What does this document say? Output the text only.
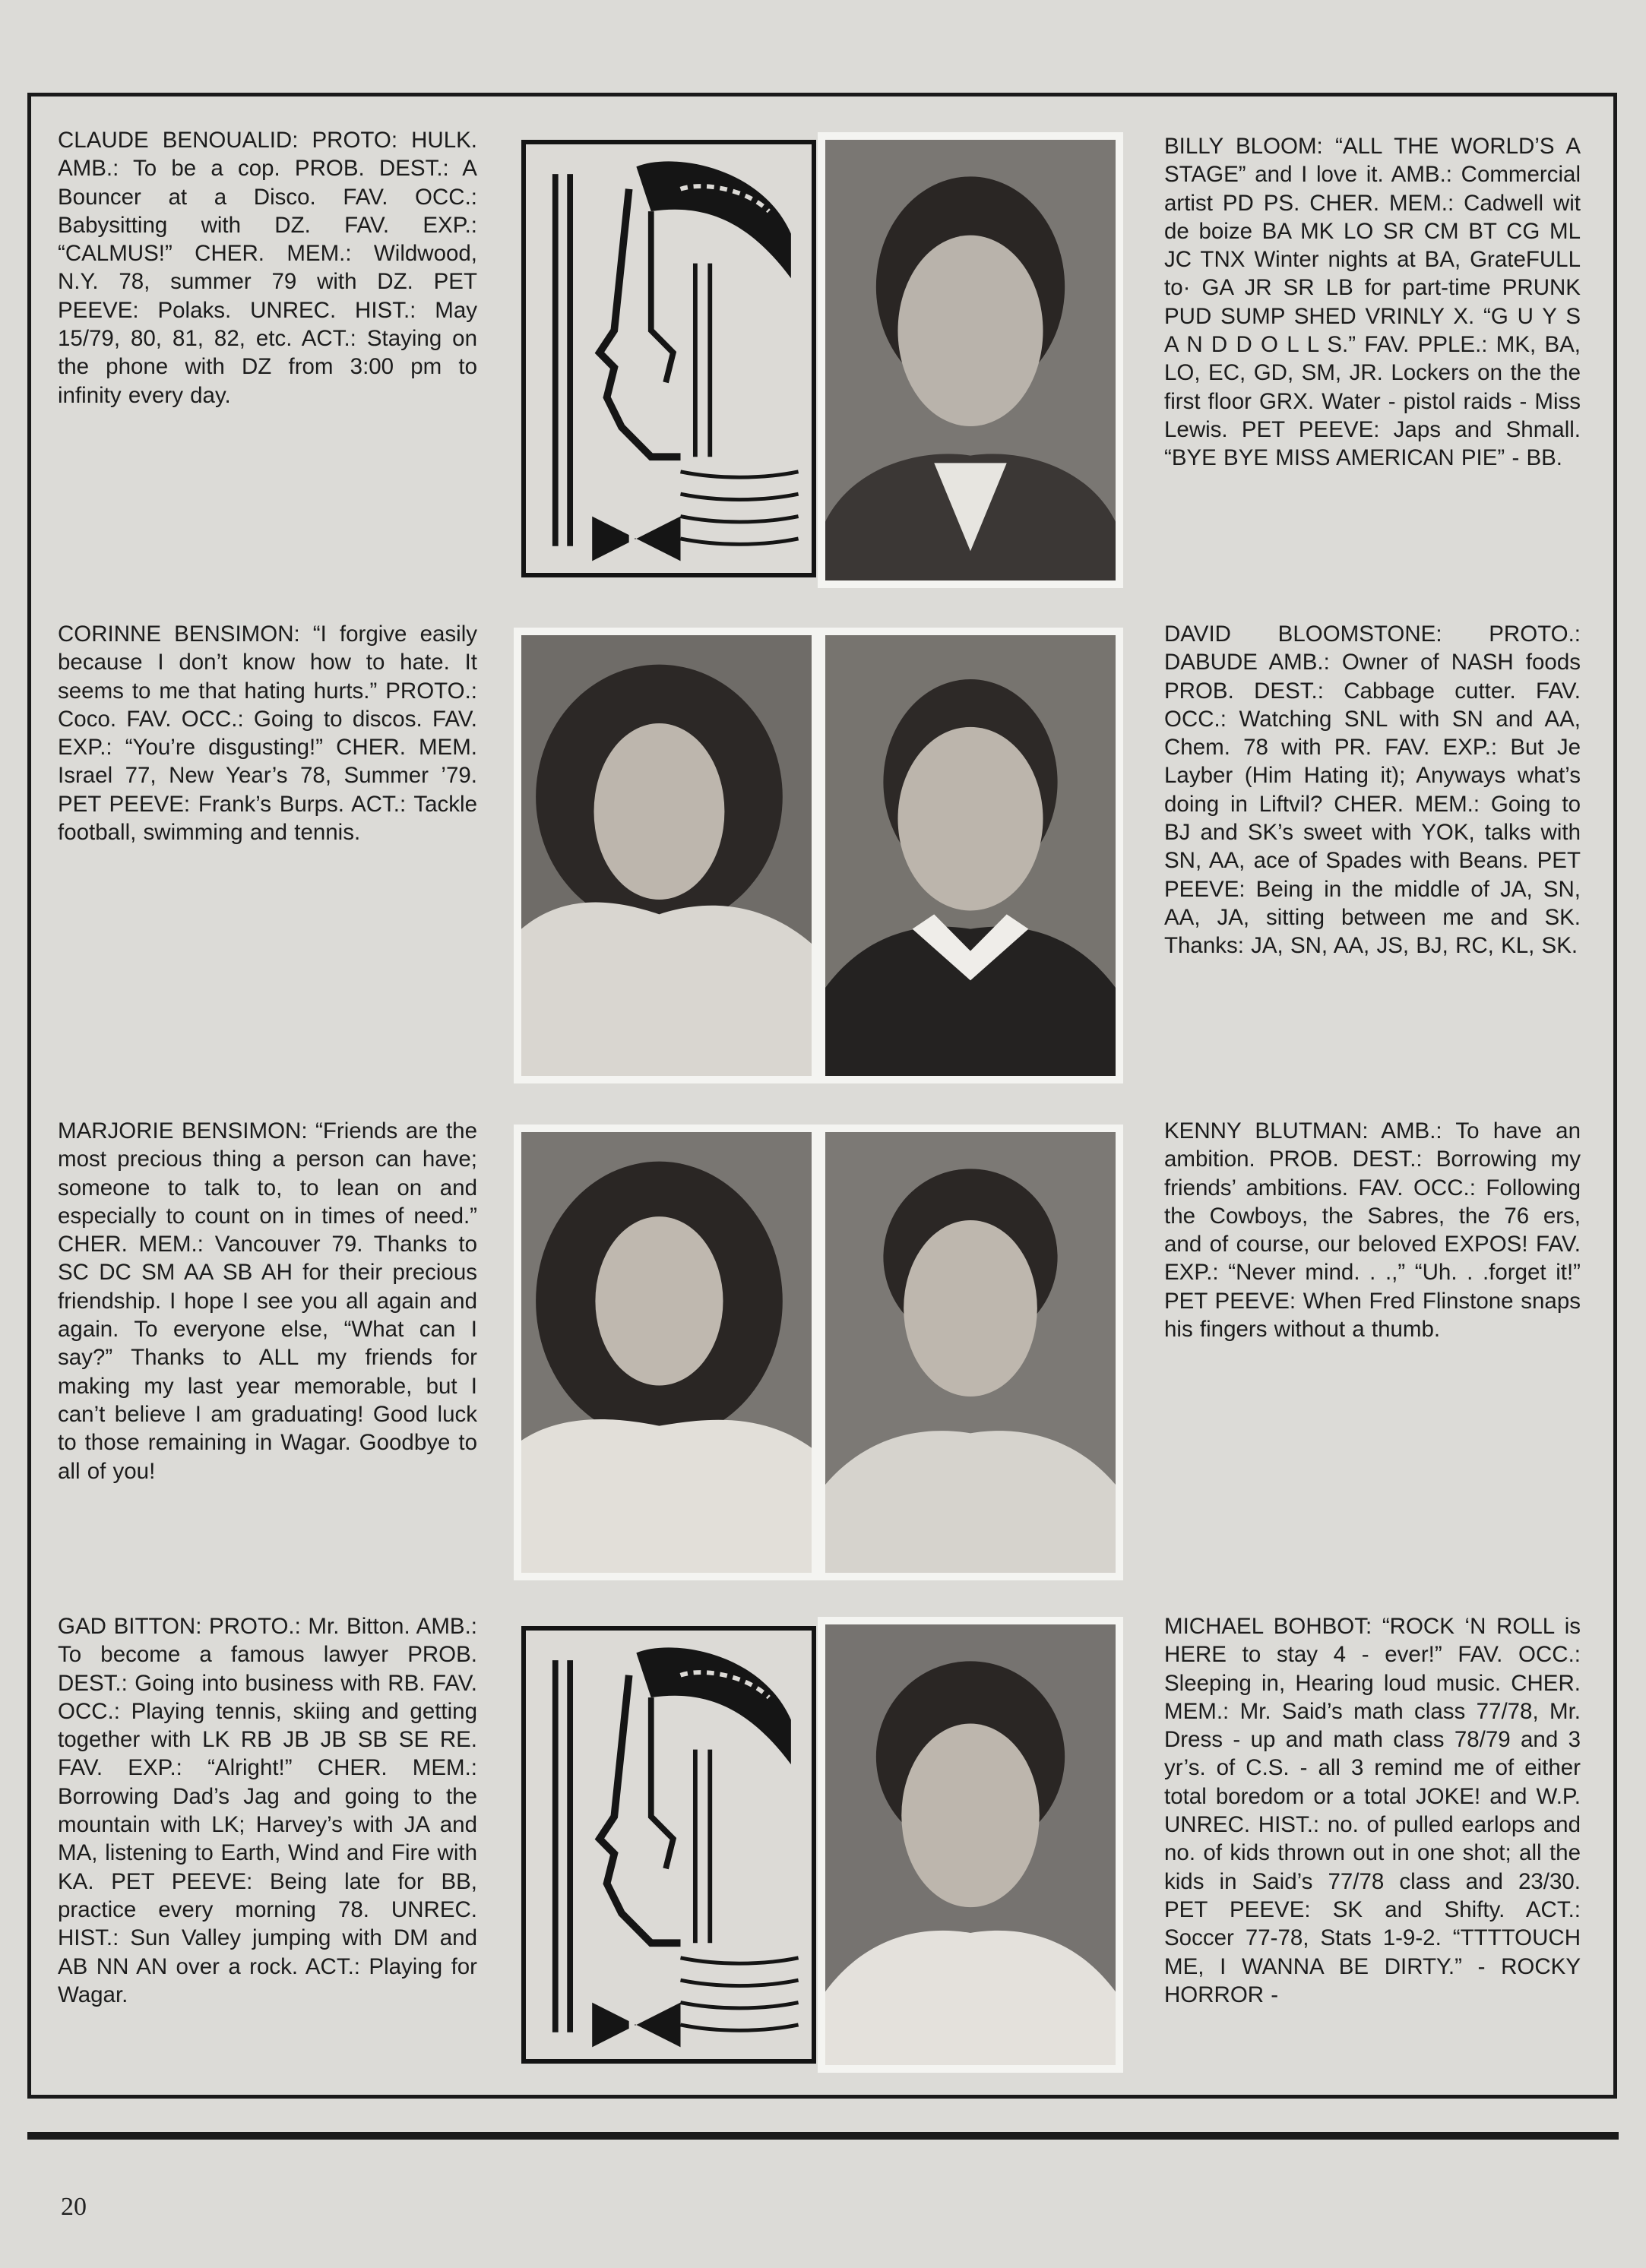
CLAUDE BENOUALID: PROTO: HULK. AMB.: To be a cop. PROB. DEST.: A Bouncer at a Disco. FAV. OCC.: Babysitting with DZ. FAV. EXP.: “CALMUS!” CHER. MEM.: Wildwood, N.Y. 78, summer 79 with DZ. PET PEEVE: Polaks. UNREC. HIST.: May 15/79, 80, 81, 82, etc. ACT.: Staying on the phone with DZ from 3:00 pm to infinity every day.

BILLY BLOOM: “ALL THE WORLD’S A STAGE” and I love it. AMB.: Commercial artist PD PS. CHER. MEM.: Cadwell wit de boize BA MK LO SR CM BT CG ML JC TNX Winter nights at BA, GrateFULL to· GA JR SR LB for part-time PRUNK PUD SUMP SHED VRINLY X. “G U Y S A N D D O L L S.” FAV. PPLE.: MK, BA, LO, EC, GD, SM, JR. Lockers on the the first floor GRX. Water - pistol raids - Miss Lewis. PET PEEVE: Japs and Shmall. “BYE BYE MISS AMERICAN PIE” - BB.

CORINNE BENSIMON: “I forgive easily because I don’t know how to hate. It seems to me that hating hurts.” PROTO.: Coco. FAV. OCC.: Going to discos. FAV. EXP.: “You’re disgusting!” CHER. MEM. Israel 77, New Year’s 78, Summer ’79. PET PEEVE: Frank’s Burps. ACT.: Tackle football, swimming and tennis.

DAVID BLOOMSTONE: PROTO.: DABUDE AMB.: Owner of NASH foods PROB. DEST.: Cabbage cutter. FAV. OCC.: Watching SNL with SN and AA, Chem. 78 with PR. FAV. EXP.: But Je Layber (Him Hating it); Anyways what’s doing in Liftvil? CHER. MEM.: Going to BJ and SK’s sweet with YOK, talks with SN, AA, ace of Spades with Beans. PET PEEVE: Being in the middle of JA, SN, AA, JA, sitting between me and SK. Thanks: JA, SN, AA, JS, BJ, RC, KL, SK.

MARJORIE BENSIMON: “Friends are the most precious thing a person can have; someone to talk to, to lean on and especially to count on in times of need.” CHER. MEM.: Vancouver 79. Thanks to SC DC SM AA SB AH for their precious friendship. I hope I see you all again and again. To everyone else, “What can I say?” Thanks to ALL my friends for making my last year memorable, but I can’t believe I am graduating! Good luck to those remaining in Wagar. Goodbye to all of you!

KENNY BLUTMAN: AMB.: To have an ambition. PROB. DEST.: Borrowing my friends’ ambitions. FAV. OCC.: Following the Cowboys, the Sabres, the 76 ers, and of course, our beloved EXPOS! FAV. EXP.: “Never mind. . .,” “Uh. . .forget it!” PET PEEVE: When Fred Flinstone snaps his fingers without a thumb.

GAD BITTON: PROTO.: Mr. Bitton. AMB.: To become a famous lawyer PROB. DEST.: Going into business with RB. FAV. OCC.: Playing tennis, skiing and getting together with LK RB JB JB SB SE RE. FAV. EXP.: “Alright!” CHER. MEM.: Borrowing Dad’s Jag and going to the mountain with LK; Harvey’s with JA and MA, listening to Earth, Wind and Fire with KA. PET PEEVE: Being late for BB, practice every morning 78. UNREC. HIST.: Sun Valley jumping with DM and AB NN AN over a rock. ACT.: Playing for Wagar.

MICHAEL BOHBOT: “ROCK ‘N ROLL is HERE to stay 4 - ever!” FAV. OCC.: Sleeping in, Hearing loud music. CHER. MEM.: Mr. Said’s math class 77/78, Mr. Dress - up and math class 78/79 and 3 yr’s. of C.S. - all 3 remind me of either total boredom or a total JOKE! and W.P. UNREC. HIST.: no. of pulled earlops and no. of kids thrown out in one shot; all the kids in Said’s 77/78 class and 23/30. PET PEEVE: SK and Shifty. ACT.: Soccer 77-78, Stats 1-9-2. “TTTTOUCH ME, I WANNA BE DIRTY.” - ROCKY HORROR -

20
